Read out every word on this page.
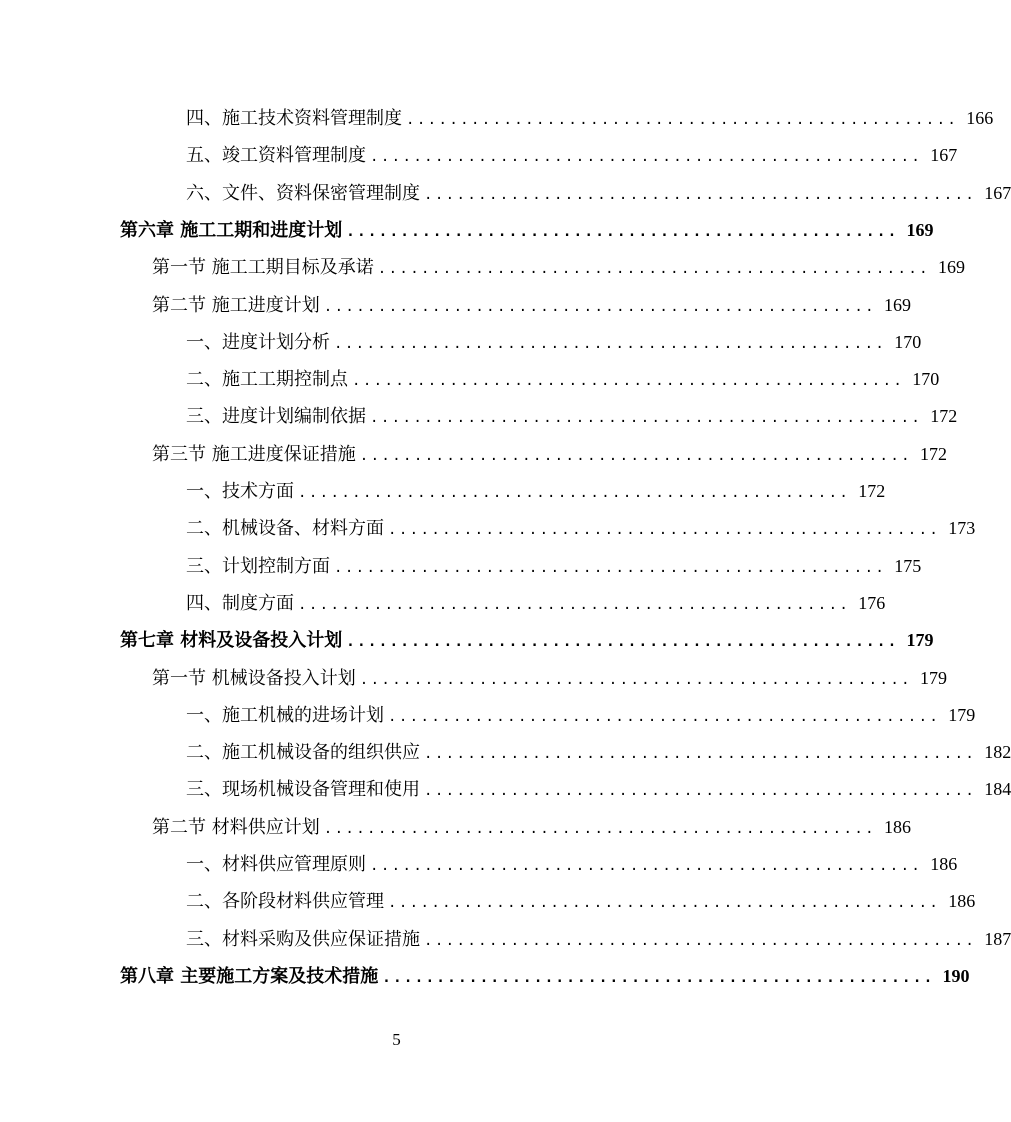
四、施工技术资料管理制度 ................................................... 166
五、竣工资料管理制度 ................................................... 167
六、文件、资料保密管理制度 ................................................... 167
第六章 施工工期和进度计划 ................................................... 169
第一节 施工工期目标及承诺 ................................................... 169
第二节 施工进度计划 ................................................... 169
一、进度计划分析 ................................................... 170
二、施工工期控制点 ................................................... 170
三、进度计划编制依据 ................................................... 172
第三节 施工进度保证措施 ................................................... 172
一、技术方面 ................................................... 172
二、机械设备、材料方面 ................................................... 173
三、计划控制方面 ................................................... 175
四、制度方面 ................................................... 176
第七章 材料及设备投入计划 ................................................... 179
第一节 机械设备投入计划 ................................................... 179
一、施工机械的进场计划 ................................................... 179
二、施工机械设备的组织供应 ................................................... 182
三、现场机械设备管理和使用 ................................................... 184
第二节 材料供应计划 ................................................... 186
一、材料供应管理原则 ................................................... 186
二、各阶段材料供应管理 ................................................... 186
三、材料采购及供应保证措施 ................................................... 187
第八章 主要施工方案及技术措施 ................................................... 190
5
